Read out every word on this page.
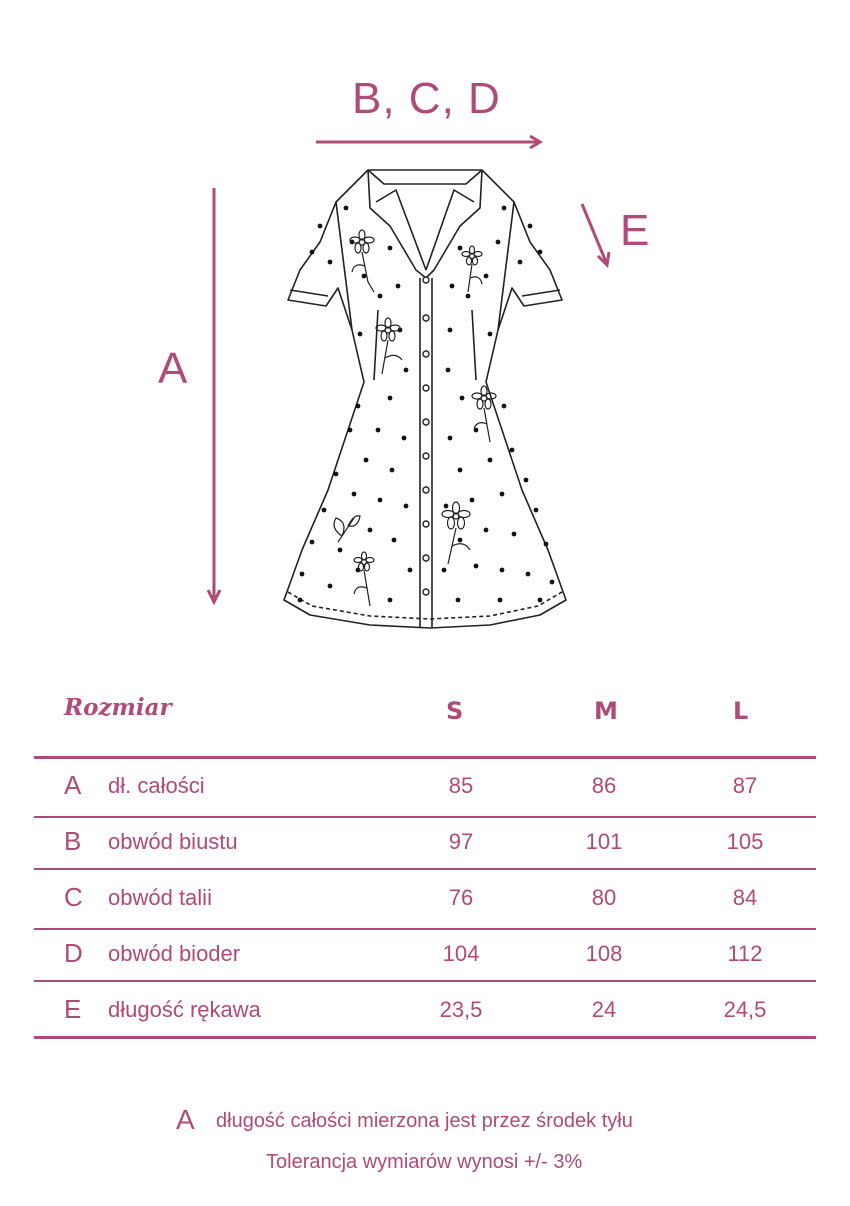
B, C, D
A
E
Rozmiar	S	M	L
A dł. całości	85	86	87
B obwód biustu	97	101	105
C obwód talii	76	80	84
D obwód bioder	104	108	112
E długość rękawa	23,5	24	24,5
A długość całości mierzona jest przez środek tyłu
Tolerancja wymiarów wynosi +/- 3%
